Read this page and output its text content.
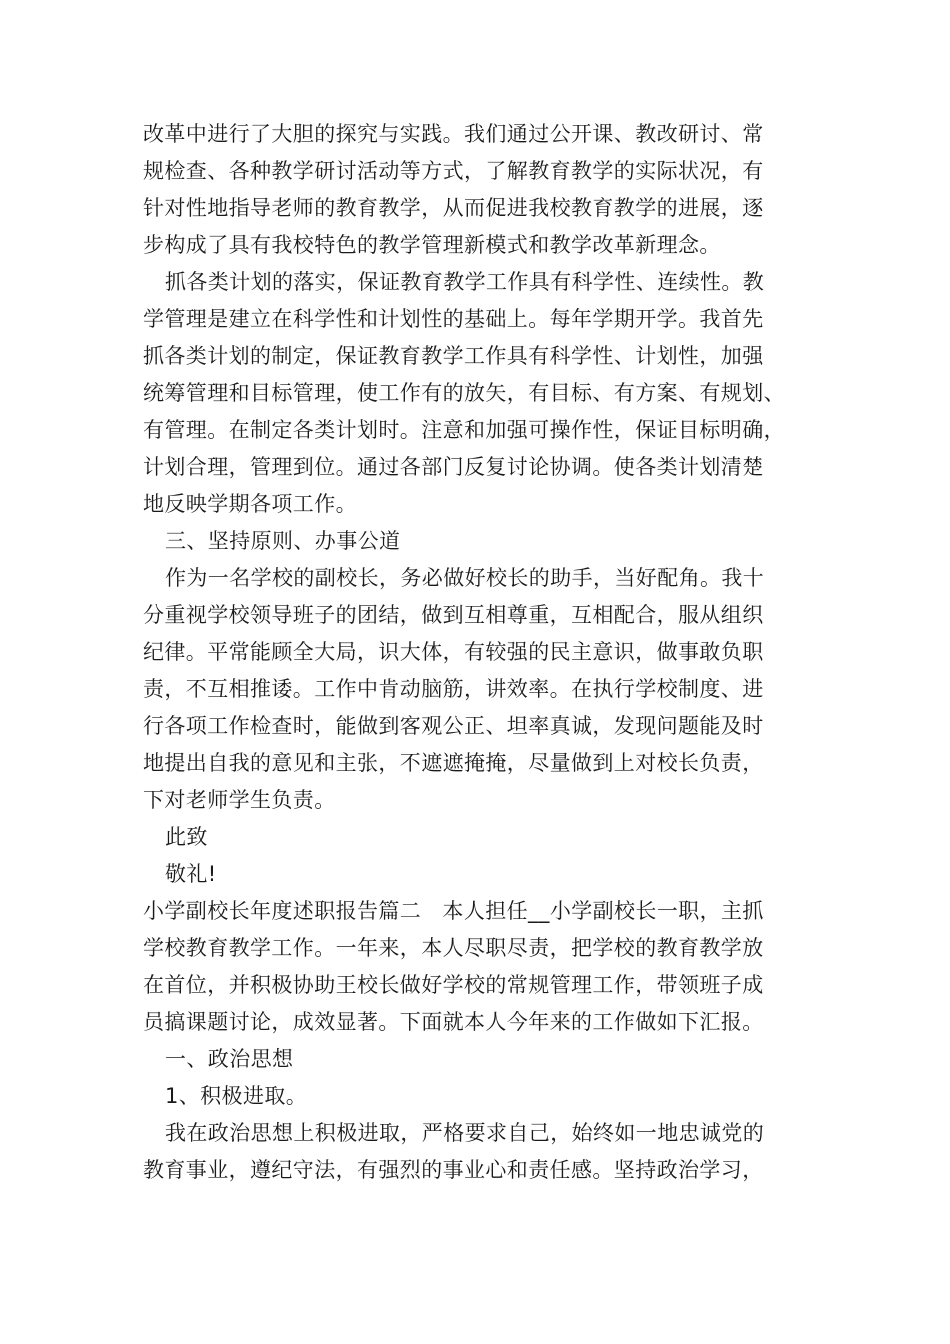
改革中进行了大胆的探究与实践。我们通过公开课、教改研讨、常
规检查、各种教学研讨活动等方式，了解教育教学的实际状况，有
针对性地指导老师的教育教学，从而促进我校教育教学的进展，逐
步构成了具有我校特色的教学管理新模式和教学改革新理念。
抓各类计划的落实，保证教育教学工作具有科学性、连续性。教
学管理是建立在科学性和计划性的基础上。每年学期开学。我首先
抓各类计划的制定，保证教育教学工作具有科学性、计划性，加强
统筹管理和目标管理，使工作有的放矢，有目标、有方案、有规划、
有管理。在制定各类计划时。注意和加强可操作性，保证目标明确，
计划合理，管理到位。通过各部门反复讨论协调。使各类计划清楚
地反映学期各项工作。
三、坚持原则、办事公道
作为一名学校的副校长，务必做好校长的助手，当好配角。我十
分重视学校领导班子的团结，做到互相尊重，互相配合，服从组织
纪律。平常能顾全大局，识大体，有较强的民主意识，做事敢负职
责，不互相推诿。工作中肯动脑筋，讲效率。在执行学校制度、进
行各项工作检查时，能做到客观公正、坦率真诚，发现问题能及时
地提出自我的意见和主张，不遮遮掩掩，尽量做到上对校长负责，
下对老师学生负责。
此致
敬礼!
小学副校长年度述职报告篇二   本人担任__小学副校长一职，主抓
学校教育教学工作。一年来，本人尽职尽责，把学校的教育教学放
在首位，并积极协助王校长做好学校的常规管理工作，带领班子成
员搞课题讨论，成效显著。下面就本人今年来的工作做如下汇报。
一、政治思想
1、积极进取。
我在政治思想上积极进取，严格要求自己，始终如一地忠诚党的
教育事业，遵纪守法，有强烈的事业心和责任感。坚持政治学习，
